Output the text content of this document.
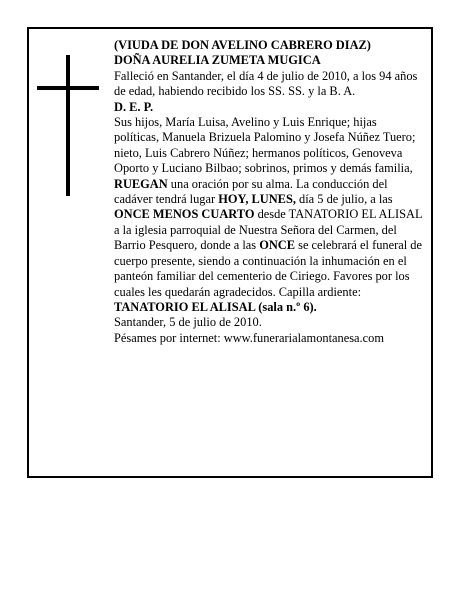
(VIUDA DE DON AVELINO CABRERO DIAZ)

DOÑA AURELIA ZUMETA MUGICA

Falleció en Santander, el día 4 de julio de 2010, a los 94 años

de edad, habiendo recibido los SS. SS. y la B. A.

D. E. P.

Sus hijos, María Luisa, Avelino y Luis Enrique; hijas políticas, Manuela Brizuela Palomino y Josefa Núñez Tuero; nieto, Luis Cabrero Núñez; hermanos políticos, Genoveva Oporto y Luciano Bilbao; sobrinos, primos y demás familia,

RUEGAN una oración por su alma. La conducción del cadáver tendrá lugar HOY, LUNES, día 5 de julio, a las ONCE MENOS CUARTO desde TANATORIO EL ALISAL a la iglesia parroquial de Nuestra Señora del Carmen, del Barrio Pesquero, donde a las ONCE se celebrará el funeral de cuerpo presente, siendo a continuación la inhumación en el panteón familiar del cementerio de Ciriego. Favores por los cuales les quedarán agradecidos. Capilla ardiente: TANATORIO EL ALISAL (sala n.º 6).

Santander, 5 de julio de 2010.

Pésames por internet: www.funerarialamontanesa.com
